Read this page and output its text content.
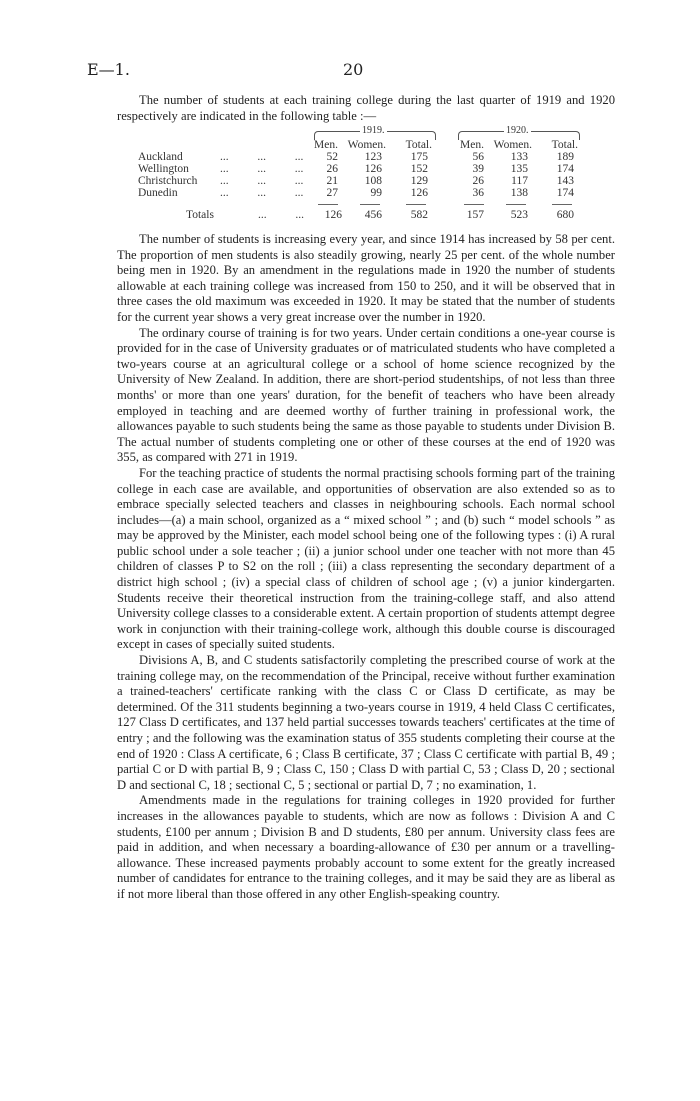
E—1.	20

The number of students at each training college during the last quarter of 1919 and 1920 respectively are indicated in the following table :—

1919.	1920.
Men. Women.	Total.	Men. Women.	Total.
Auckland	...          ...          ...	52	123	175	56	133	189
Wellington	...          ...          ...	26	126	152	39	135	174
Christchurch ...          ...          ...	21	108	129	26	117	143
Dunedin	...          ...          ...	27	99	126	36	138	174
Totals	...          ...	126	456	582	157	523	680

The number of students is increasing every year, and since 1914 has increased by 58 per cent. The proportion of men students is also steadily growing, nearly 25 per cent. of the whole number being men in 1920. By an amendment in the regulations made in 1920 the number of students allowable at each training college was increased from 150 to 250, and it will be observed that in three cases the old maximum was exceeded in 1920. It may be stated that the number of students for the current year shows a very great increase over the number in 1920.

The ordinary course of training is for two years. Under certain conditions a one-year course is provided for in the case of University graduates or of matriculated students who have completed a two-years course at an agricultural college or a school of home science recognized by the University of New Zealand. In addition, there are short-period studentships, of not less than three months' or more than one years' duration, for the benefit of teachers who have been already employed in teaching and are deemed worthy of further training in professional work, the allowances payable to such students being the same as those payable to students under Division B. The actual number of students completing one or other of these courses at the end of 1920 was 355, as compared with 271 in 1919.

For the teaching practice of students the normal practising schools forming part of the training college in each case are available, and opportunities of observation are also extended so as to embrace specially selected teachers and classes in neighbouring schools. Each normal school includes—(a) a main school, organized as a “ mixed school ” ; and (b) such “ model schools ” as may be approved by the Minister, each model school being one of the following types : (i) A rural public school under a sole teacher ; (ii) a junior school under one teacher with not more than 45 children of classes P to S2 on the roll ; (iii) a class representing the secondary department of a district high school ; (iv) a special class of children of school age ; (v) a junior kindergarten. Students receive their theoretical instruction from the training-college staff, and also attend University college classes to a considerable extent. A certain proportion of students attempt degree work in conjunction with their training-college work, although this double course is discouraged except in cases of specially suited students.

Divisions A, B, and C students satisfactorily completing the prescribed course of work at the training college may, on the recommendation of the Principal, receive without further examination a trained-teachers' certificate ranking with the class C or Class D certificate, as may be determined. Of the 311 students beginning a two-years course in 1919, 4 held Class C certificates, 127 Class D certificates, and 137 held partial successes towards teachers' certificates at the time of entry ; and the following was the examination status of 355 students completing their course at the end of 1920 : Class A certificate, 6 ; Class B certificate, 37 ; Class C certificate with partial B, 49 ; partial C or D with partial B, 9 ; Class C, 150 ; Class D with partial C, 53 ; Class D, 20 ; sectional D and sectional C, 18 ; sectional C, 5 ; sectional or partial D, 7 ; no examination, 1.

Amendments made in the regulations for training colleges in 1920 provided for further increases in the allowances payable to students, which are now as follows : Division A and C students, £100 per annum ; Division B and D students, £80 per annum. University class fees are paid in addition, and when necessary a boarding-allowance of £30 per annum or a travelling-allowance. These increased payments probably account to some extent for the greatly increased number of candidates for entrance to the training colleges, and it may be said they are as liberal as if not more liberal than those offered in any other English-speaking country.
